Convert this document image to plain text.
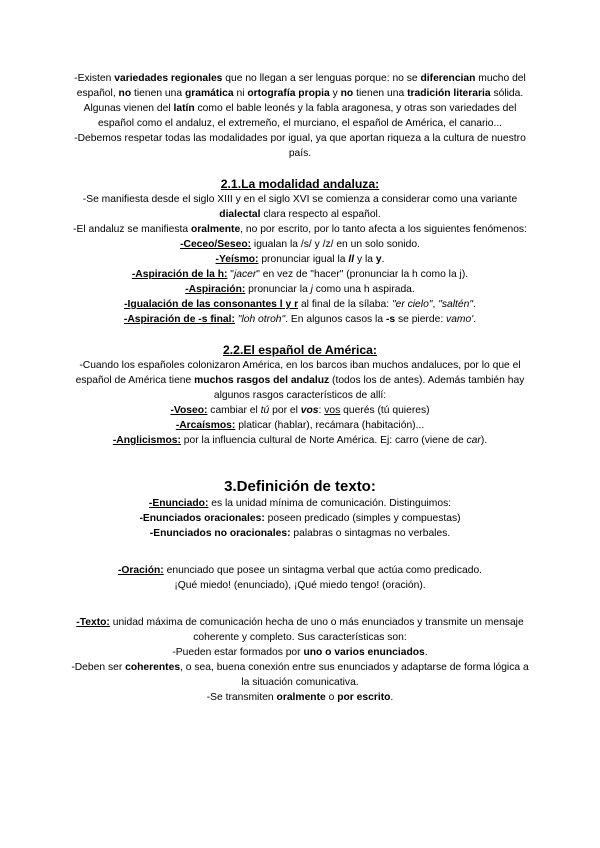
-Existen variedades regionales que no llegan a ser lenguas porque: no se diferencian mucho del español, no tienen una gramática ni ortografía propia y no tienen una tradición literaria sólida. Algunas vienen del latín como el bable leonés y la fabla aragonesa, y otras son variedades del español como el andaluz, el extremeño, el murciano, el español de América, el canario...

-Debemos respetar todas las modalidades por igual, ya que aportan riqueza a la cultura de nuestro país.

2.1.La modalidad andaluza:

-Se manifiesta desde el siglo XIII y en el siglo XVI se comienza a considerar como una variante dialectal clara respecto al español.

-El andaluz se manifiesta oralmente, no por escrito, por lo tanto afecta a los siguientes fenómenos:

-Ceceo/Seseo: igualan la /s/ y /z/ en un solo sonido.

-Yeísmo: pronunciar igual la ll y la y.

-Aspiración de la h: "jacer" en vez de "hacer" (pronunciar la h como la j).

-Aspiración: pronunciar la j como una h aspirada.

-Igualación de las consonantes l y r al final de la sílaba: "er cielo", "saltén".

-Aspiración de -s final: "loh otroh". En algunos casos la -s se pierde: vamo'.

2.2.El español de América:

-Cuando los españoles colonizaron América, en los barcos iban muchos andaluces, por lo que el español de América tiene muchos rasgos del andaluz (todos los de antes). Además también hay algunos rasgos característicos de allí:

-Voseo: cambiar el tú por el vos: vos querés (tú quieres)

-Arcaísmos: platicar (hablar), recámara (habitación)...

-Anglicismos: por la influencia cultural de Norte América. Ej: carro (viene de car).

3.Definición de texto:

-Enunciado: es la unidad mínima de comunicación. Distinguimos:

-Enunciados oracionales: poseen predicado (simples y compuestas)

-Enunciados no oracionales: palabras o sintagmas no verbales.

-Oración: enunciado que posee un sintagma verbal que actúa como predicado.

¡Qué miedo! (enunciado), ¡Qué miedo tengo! (oración).

-Texto: unidad máxima de comunicación hecha de uno o más enunciados y transmite un mensaje coherente y completo. Sus características son:

-Pueden estar formados por uno o varios enunciados.

-Deben ser coherentes, o sea, buena conexión entre sus enunciados y adaptarse de forma lógica a la situación comunicativa.

-Se transmiten oralmente o por escrito.
